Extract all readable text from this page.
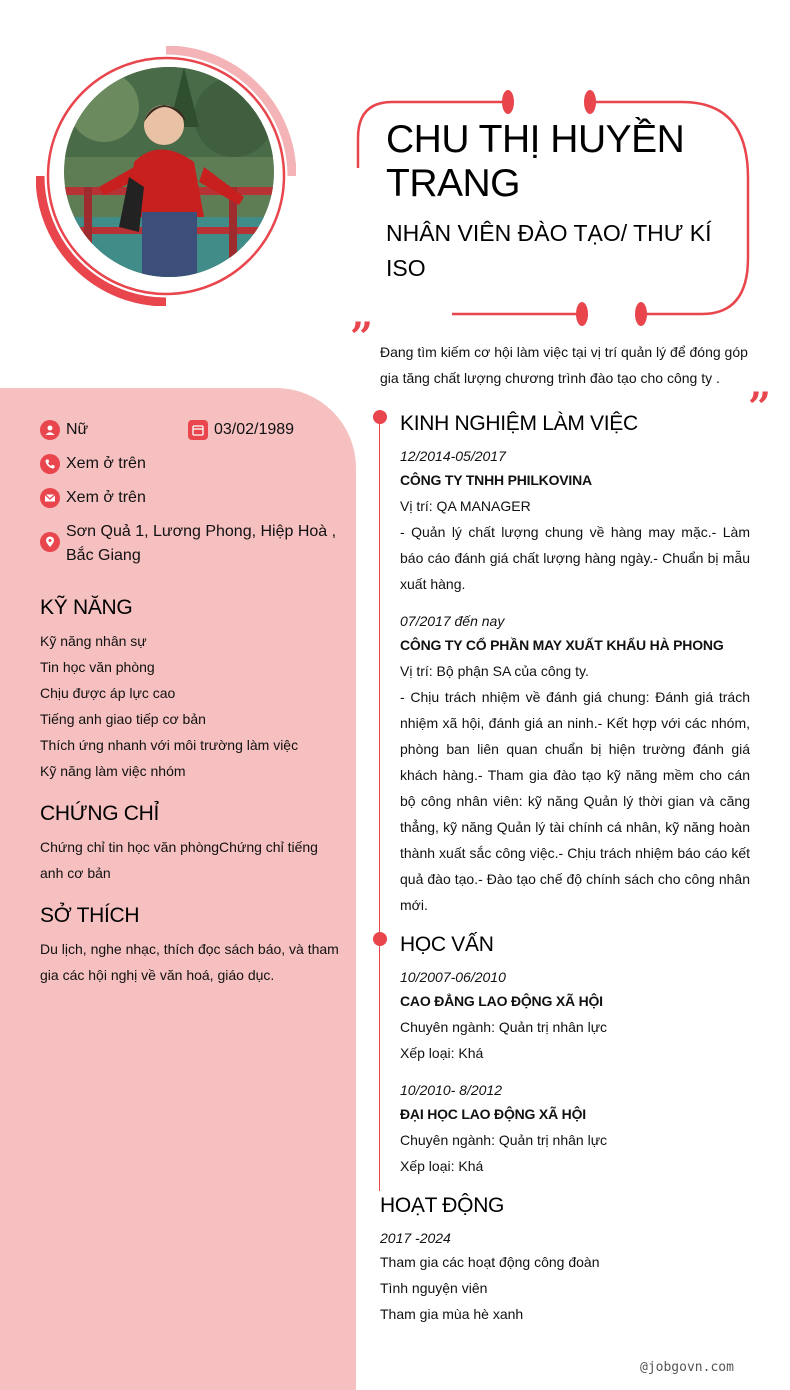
CHU THỊ HUYỀN TRANG
NHÂN VIÊN ĐÀO TẠO/ THƯ KÍ ISO
” Đang tìm kiếm cơ hội làm việc tại vị trí quản lý để đóng góp gia tăng chất lượng chương trình đào tạo cho công ty .
”
Nữ	03/02/1989
Xem ở trên
Xem ở trên
Sơn Quả 1, Lương Phong, Hiệp Hoà , Bắc Giang
KỸ NĂNG
Kỹ năng nhân sự
Tin học văn phòng
Chịu được áp lực cao
Tiếng anh giao tiếp cơ bản
Thích ứng nhanh với môi trường làm việc
Kỹ năng làm việc nhóm
CHỨNG CHỈ
Chứng chỉ tin học văn phòngChứng chỉ tiếng anh cơ bản
SỞ THÍCH
Du lịch, nghe nhạc, thích đọc sách báo, và tham gia các hội nghị về văn hoá, giáo dục.
KINH NGHIỆM LÀM VIỆC
12/2014-05/2017
CÔNG TY TNHH PHILKOVINA
Vị trí: QA MANAGER
- Quản lý chất lượng chung về hàng may mặc.- Làm báo cáo đánh giá chất lượng hàng ngày.- Chuẩn bị mẫu xuất hàng.
07/2017 đến nay
CÔNG TY CỔ PHẦN MAY XUẤT KHẨU HÀ PHONG
Vị trí: Bộ phận SA của công ty.
- Chịu trách nhiệm về đánh giá chung: Đánh giá trách nhiệm xã hội, đánh giá an ninh.- Kết hợp với các nhóm, phòng ban liên quan chuẩn bị hiện trường đánh giá khách hàng.- Tham gia đào tạo kỹ năng mềm cho cán bộ công nhân viên: kỹ năng Quản lý thời gian và căng thẳng, kỹ năng Quản lý tài chính cá nhân, kỹ năng hoàn thành xuất sắc công việc.- Chịu trách nhiệm báo cáo kết quả đào tạo.- Đào tạo chế độ chính sách cho công nhân mới.
HỌC VẤN
10/2007-06/2010
CAO ĐẲNG LAO ĐỘNG XÃ HỘI
Chuyên ngành: Quản trị nhân lực
Xếp loại: Khá
10/2010- 8/2012
ĐẠI HỌC LAO ĐỘNG XÃ HỘI
Chuyên ngành: Quản trị nhân lực
Xếp loại: Khá
HOẠT ĐỘNG
2017 -2024
Tham gia các hoạt động công đoàn
Tình nguyện viên
Tham gia mùa hè xanh
@jobgovn.com
